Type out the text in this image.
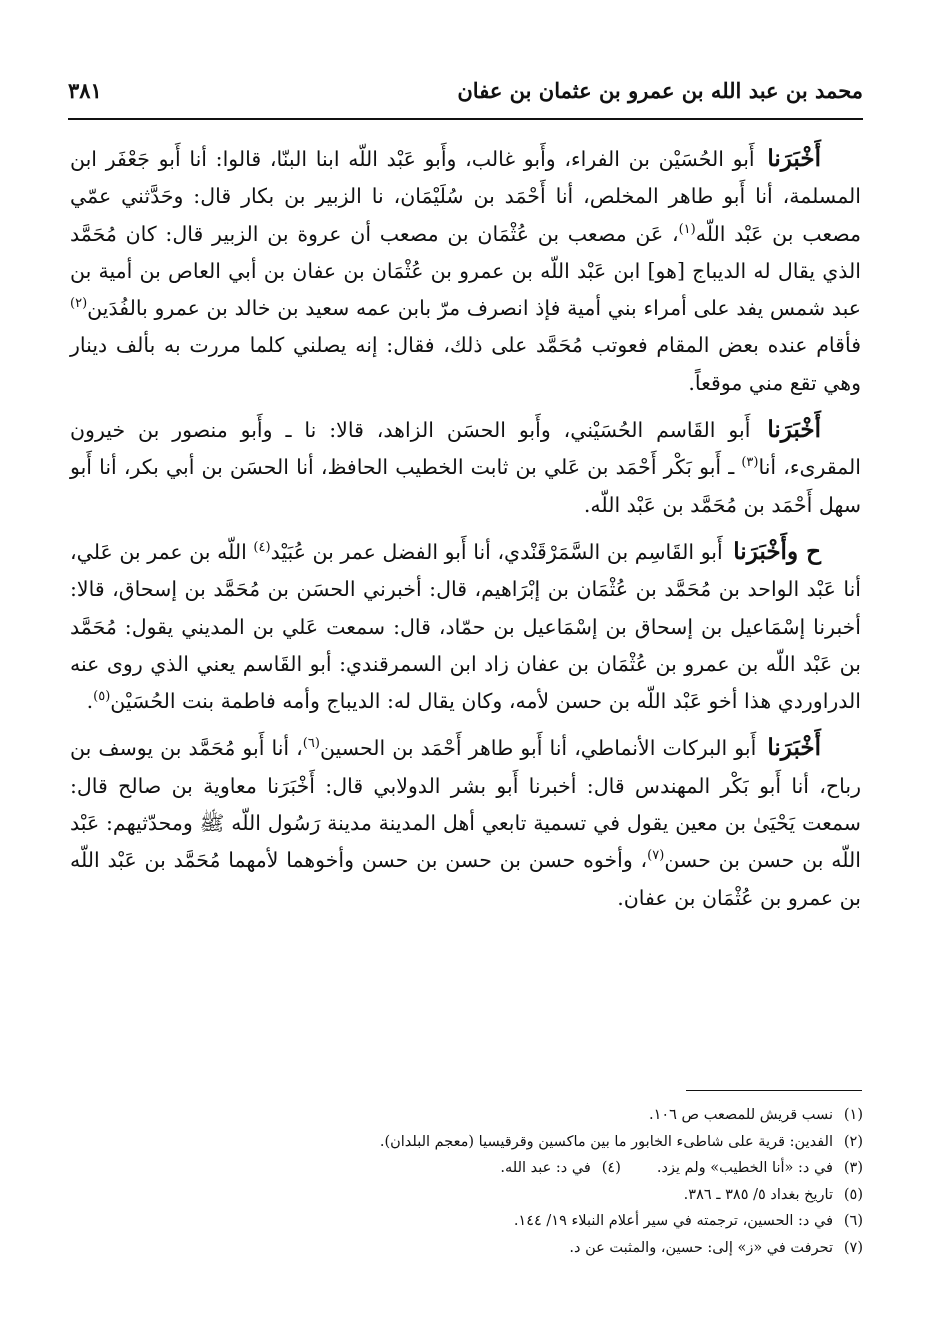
محمد بن عبد الله بن عمرو بن عثمان بن عفان
٣٨١

أَخْبَرَنا أَبو الحُسَيْن بن الفراء، وأَبو غالب، وأَبو عَبْد اللّه ابنا البنّا، قالوا: أنا أَبو جَعْفَر ابن المسلمة، أنا أَبو طاهر المخلص، أنا أَحْمَد بن سُلَيْمَان، نا الزبير بن بكار قال: وحَدَّثني عمّي مصعب بن عَبْد اللّه$^{(١)}$، عَن مصعب بن عُثْمَان بن مصعب أن عروة بن الزبير قال: كان مُحَمَّد الذي يقال له الديباج [هو] ابن عَبْد اللّه بن عمرو بن عُثْمَان بن عفان بن أبي العاص بن أمية بن عبد شمس يفد على أمراء بني أمية فإذ انصرف مرّ بابن عمه سعيد بن خالد بن عمرو بالفُدَين$^{(٢)}$ فأقام عنده بعض المقام فعوتب مُحَمَّد على ذلك، فقال: إنه يصلني كلما مررت به بألف دينار وهي تقع مني موقعاً.

أَخْبَرَنا أَبو القَاسم الحُسَيْني، وأَبو الحسَن الزاهد، قالا: نا ـ وأَبو منصور بن خيرون المقرىء، أنا$^{(٣)}$ ـ أَبو بَكْر أَحْمَد بن عَلي بن ثابت الخطيب الحافظ، أنا الحسَن بن أبي بكر، أنا أَبو سهل أَحْمَد بن مُحَمَّد بن عَبْد اللّه.

ح وأَخْبَرَنا أَبو القَاسِم بن السَّمَرْقَنْدي، أنا أَبو الفضل عمر بن عُبَيْد$^{(٤)}$ اللّه بن عمر بن عَلي، أنا عَبْد الواحد بن مُحَمَّد بن عُثْمَان بن إبْرَاهيم، قال: أخبرني الحسَن بن مُحَمَّد بن إسحاق، قالا: أخبرنا إسْمَاعيل بن إسحاق بن إسْمَاعيل بن حمّاد، قال: سمعت عَلي بن المديني يقول: مُحَمَّد بن عَبْد اللّه بن عمرو بن عُثْمَان بن عفان زاد ابن السمرقندي: أبو القَاسم يعني الذي روى عنه الدراوردي هذا أخو عَبْد اللّه بن حسن لأمه، وكان يقال له: الديباج وأمه فاطمة بنت الحُسَيْن$^{(٥)}$.

أَخْبَرَنا أَبو البركات الأنماطي، أنا أَبو طاهر أَحْمَد بن الحسين$^{(٦)}$، أنا أَبو مُحَمَّد بن يوسف بن رباح، أنا أَبو بَكْر المهندس قال: أخبرنا أَبو بشر الدولابي قال: أَخْبَرَنا معاوية بن صالح قال: سمعت يَحْيَىٰ بن معين يقول في تسمية تابعي أهل المدينة مدينة رَسُول اللّه ﷺ ومحدّثيهم: عَبْد اللّه بن حسن بن حسن$^{(٧)}$، وأخوه حسن بن حسن بن حسن وأخوهما لأمهما مُحَمَّد بن عَبْد اللّه بن عمرو بن عُثْمَان بن عفان.

(١)نسب قريش للمصعب ص ١٠٦.
(٢)الفدين: قرية على شاطىء الخابور ما بين ماكسين وقرقيسيا (معجم البلدان).
(٣)في د: «أنا الخطيب» ولم يزد.(٤)في د: عبد الله.
(٥)تاريخ بغداد ٥/ ٣٨٥ ـ ٣٨٦.
(٦)في د: الحسين، ترجمته في سير أعلام النبلاء ١٩/ ١٤٤.
(٧)تحرفت في «ز» إلى: حسين، والمثبت عن د.
